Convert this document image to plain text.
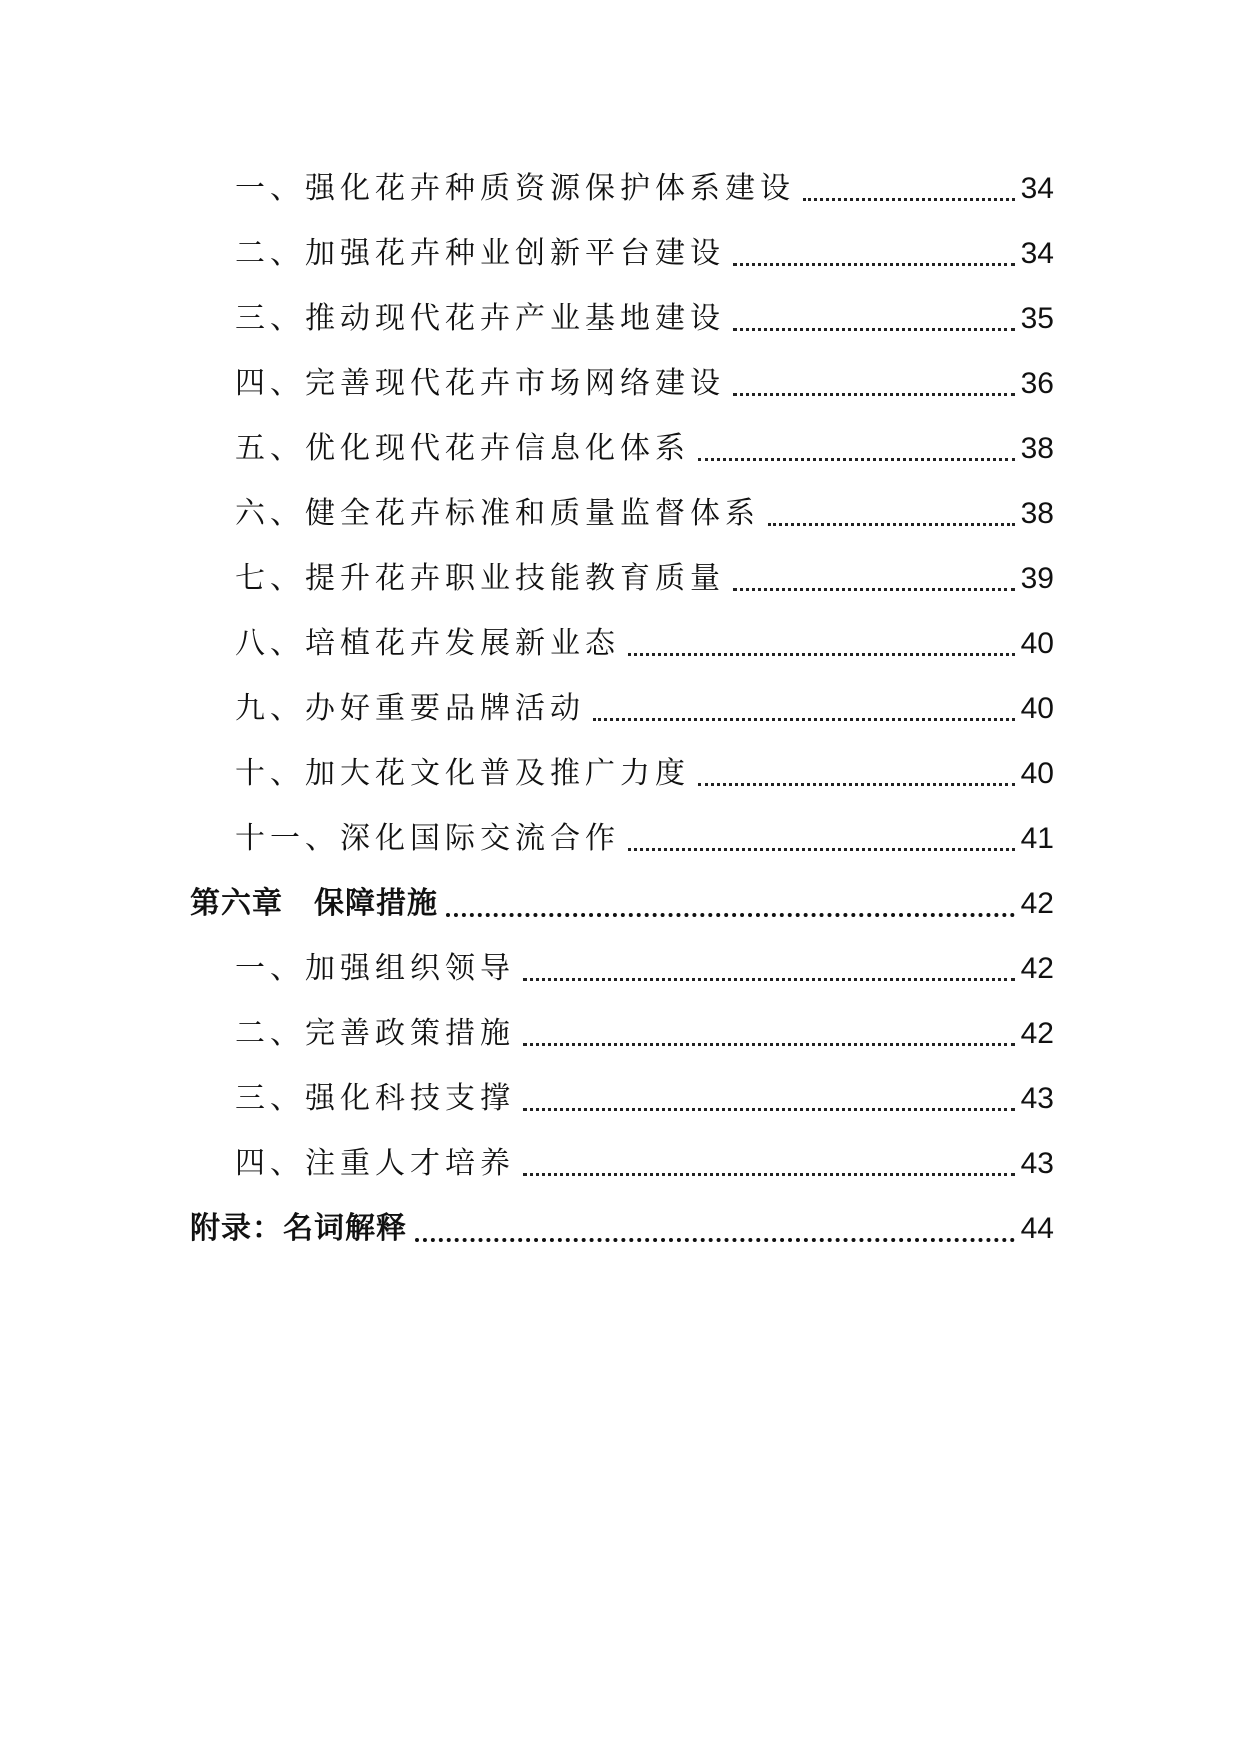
一、强化花卉种质资源保护体系建设	34
二、加强花卉种业创新平台建设	34
三、推动现代花卉产业基地建设	35
四、完善现代花卉市场网络建设	36
五、优化现代花卉信息化体系	38
六、健全花卉标准和质量监督体系	38
七、提升花卉职业技能教育质量	39
八、培植花卉发展新业态	40
九、办好重要品牌活动	40
十、加大花文化普及推广力度	40
十一、深化国际交流合作	41
第六章　保障措施	42
一、加强组织领导	42
二、完善政策措施	42
三、强化科技支撑	43
四、注重人才培养	43
附录：名词解释	44
